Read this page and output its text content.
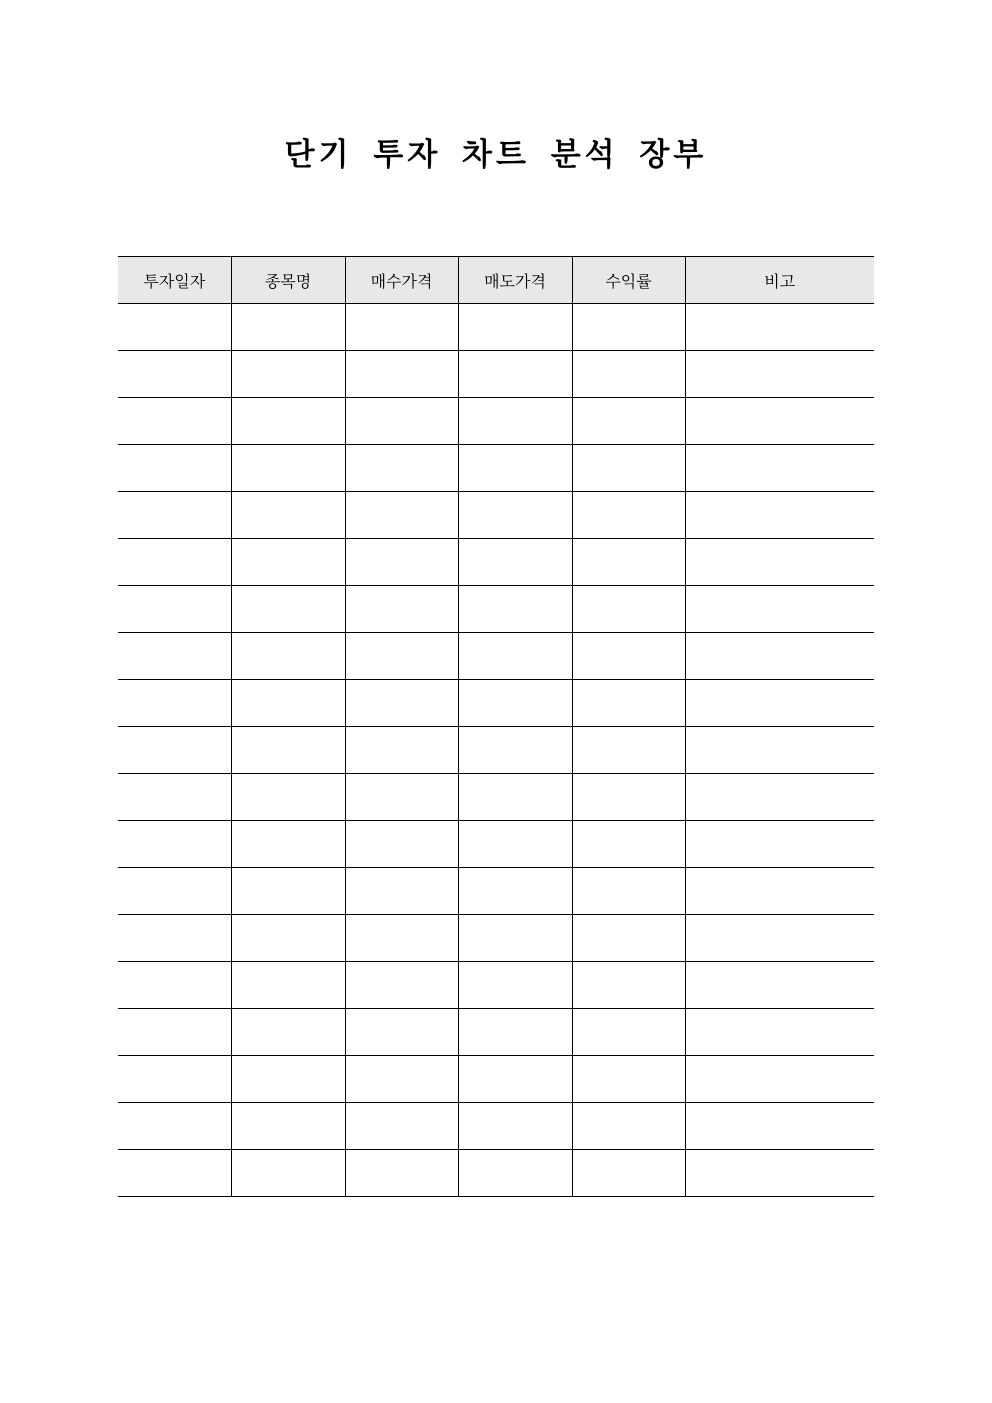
단기 투자 차트 분석 장부
투자일자	종목명	매수가격	매도가격	수익률	비고
